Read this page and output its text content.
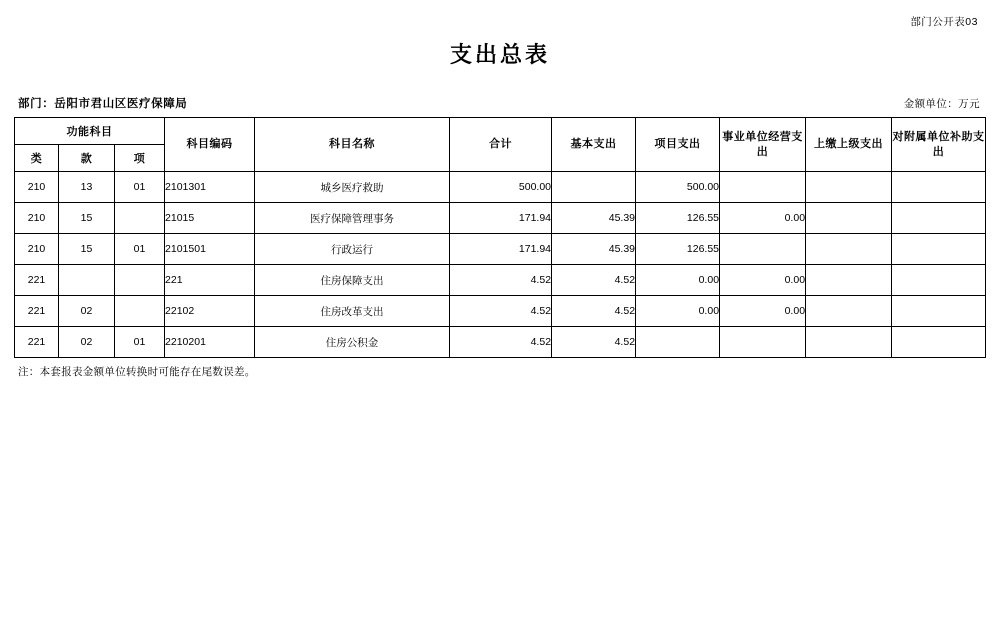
部门公开表03
支出总表
部门：岳阳市君山区医疗保障局	金额单位：万元
功能科目			科目编码	科目名称	合计	基本支出	项目支出	事业单位经营支出	上缴上级支出	对附属单位补助支出
类	款	项								
210	13	01	2101301	城乡医疗救助	500.00		500.00			
210	15		21015	医疗保障管理事务	171.94	45.39	126.55	0.00		
210	15	01	2101501	行政运行	171.94	45.39	126.55			
221			221	住房保障支出	4.52	4.52	0.00	0.00		
221	02		22102	住房改革支出	4.52	4.52	0.00	0.00		
221	02	01	2210201	住房公积金	4.52	4.52				
注：本套报表金额单位转换时可能存在尾数误差。
